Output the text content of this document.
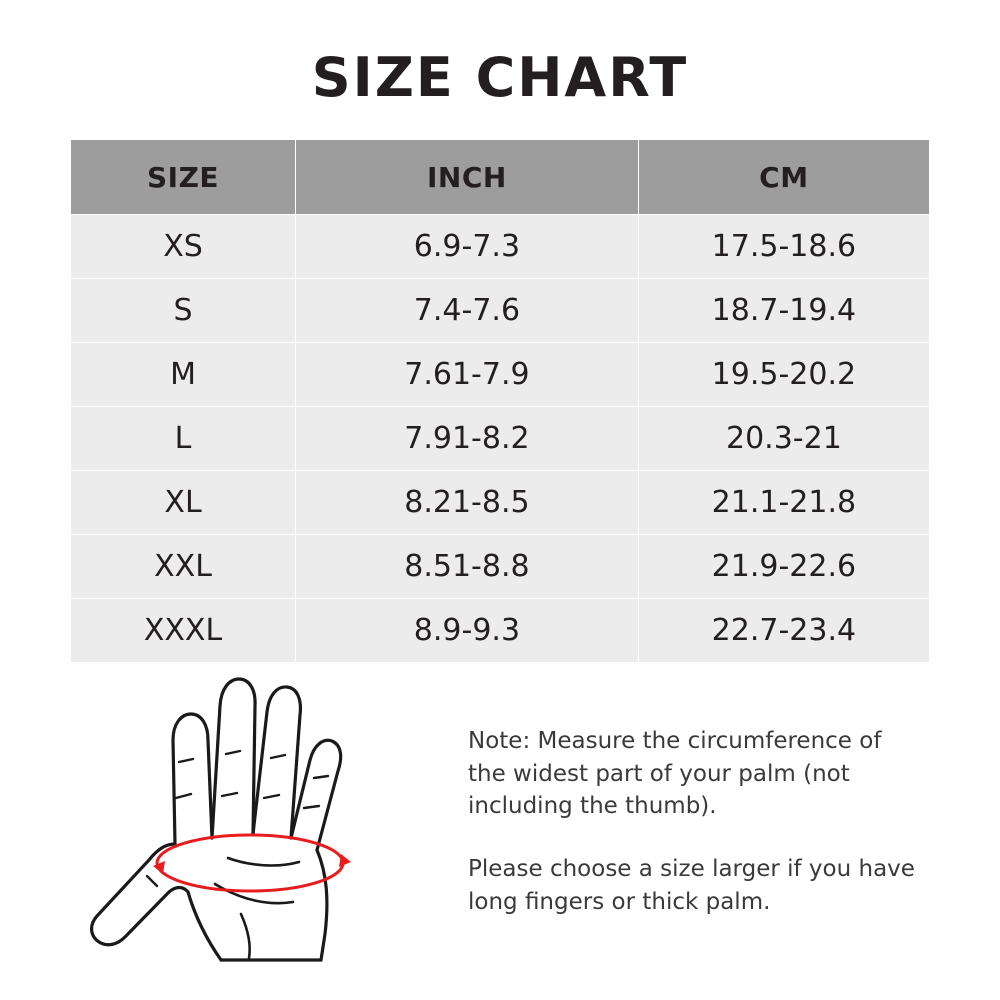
SIZE CHART
SIZE	INCH	CM
XS	6.9-7.3	17.5-18.6
S	7.4-7.6	18.7-19.4
M	7.61-7.9	19.5-20.2
L	7.91-8.2	20.3-21
XL	8.21-8.5	21.1-21.8
XXL	8.51-8.8	21.9-22.6
XXXL	8.9-9.3	22.7-23.4

Note: Measure the circumference of the widest part of your palm (not including the thumb).

Please choose a size larger if you have long fingers or thick palm.
